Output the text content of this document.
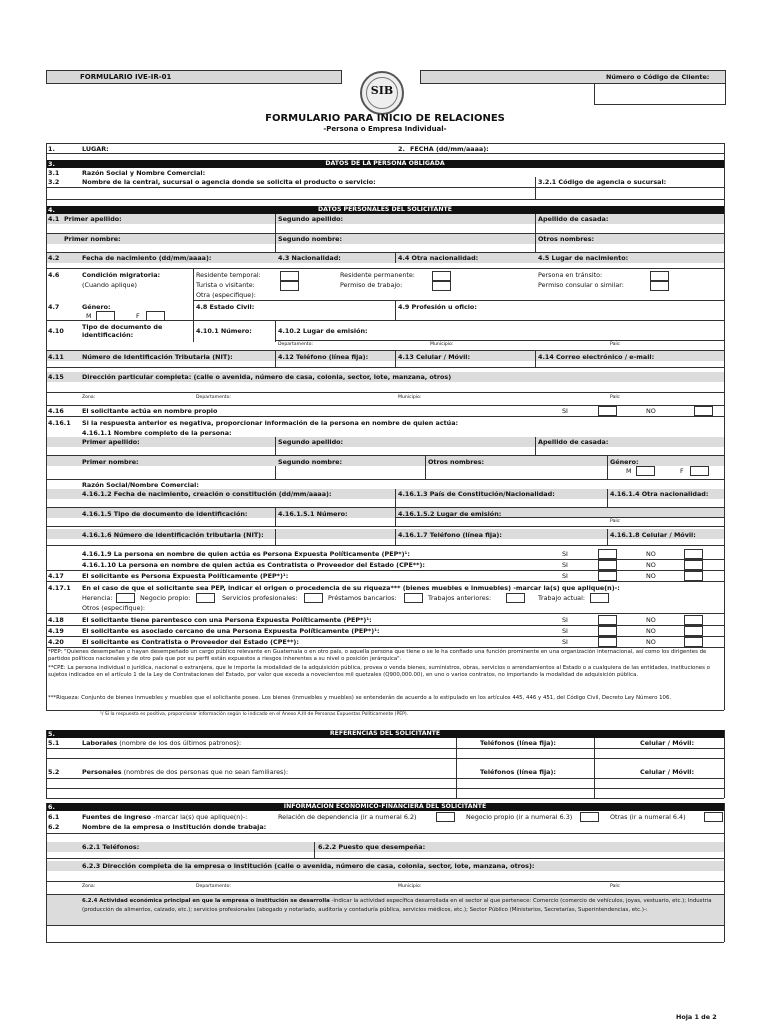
FORMULARIO IVE-IR-01
SIB
Número o Código de Cliente:
FORMULARIO PARA INICIO DE RELACIONES
-Persona o Empresa Individual-
1.	LUGAR:	2. FECHA (dd/mm/aaaa):
DATOS DE LA PERSONA OBLIGADA
3.
3.1	Razón Social y Nombre Comercial:
3.2	Nombre de la central, sucursal o agencia donde se solicita el producto o servicio:	3.2.1 Código de agencia o sucursal:
DATOS PERSONALES DEL SOLICITANTE
4.
4.1 Primer apellido:	Segundo apellido:	Apellido de casada:
Primer nombre:	Segundo nombre:	Otros nombres:
4.2	Fecha de nacimiento (dd/mm/aaaa):	4.3 Nacionalidad:	4.4 Otra nacionalidad:	4.5 Lugar de nacimiento:
4.6	Condición migratoria:
(Cuando aplique)
Residente temporal:
Turista o visitante:
Otra (especifique):
Residente permanente:
Permiso de trabajo:
Persona en tránsito:
Permiso consular o similar:
4.7	Género:
M	F
4.8 Estado Civil:	4.9 Profesión u oficio:
4.10	Tipo de documento de identificación:	4.10.1 Número:	4.10.2 Lugar de emisión:
Departamento:	Municipio:	País:
4.11	Número de Identificación Tributaria (NIT):	4.12 Teléfono (línea fija):	4.13 Celular / Móvil:	4.14 Correo electrónico / e-mail:
4.15	Dirección particular completa: (calle o avenida, número de casa, colonia, sector, lote, manzana, otros)
Zona:	Departamento:	Municipio:	País:
4.16	El solicitante actúa en nombre propio	SI	NO
4.16.1 Si la respuesta anterior es negativa, proporcionar información de la persona en nombre de quien actúa:
4.16.1.1 Nombre completo de la persona:
Primer apellido:	Segundo apellido:	Apellido de casada:
Primer nombre:	Segundo nombre:	Otros nombres:	Género:
M	F
Razón Social/Nombre Comercial:
4.16.1.2 Fecha de nacimiento, creación o constitución (dd/mm/aaaa):	4.16.1.3 País de Constitución/Nacionalidad:	4.16.1.4 Otra nacionalidad:
4.16.1.5 Tipo de documento de identificación:	4.16.1.5.1 Número:	4.16.1.5.2 Lugar de emisión:
País:
4.16.1.6 Número de identificación tributaria (NIT):	4.16.1.7 Teléfono (línea fija):	4.16.1.8 Celular / Móvil:
4.16.1.9 La persona en nombre de quien actúa es Persona Expuesta Políticamente (PEP*)¹:	SI	NO
4.16.1.10 La persona en nombre de quien actúa es Contratista o Proveedor del Estado (CPE**):	SI	NO
4.17	El solicitante es Persona Expuesta Políticamente (PEP*)¹:	SI	NO
4.17.1 En el caso de que el solicitante sea PEP, indicar el origen o procedencia de su riqueza*** (bienes muebles e inmuebles) -marcar la(s) que aplique(n)-:
Herencia:	Negocio propio:	Servicios profesionales:	Préstamos bancarios:	Trabajos anteriores:	Trabajo actual:
Otros (especifique):
4.18	El solicitante tiene parentesco con una Persona Expuesta Políticamente (PEP*)¹:	SI	NO
4.19	El solicitante es asociado cercano de una Persona Expuesta Políticamente (PEP*)¹:	SI	NO
4.20	El solicitante es Contratista o Proveedor del Estado (CPE**):	SI	NO
*PEP: "Quienes desempeñan o hayan desempeñado un cargo público relevante en Guatemala o en otro país, o aquella persona que tiene o se le ha confiado una función prominente en una organización internacional, así como los dirigentes de partidos políticos nacionales y de otro país que por su perfil están expuestos a riesgos inherentes a su nivel o posición jerárquica".
**CPE: La persona individual o jurídica, nacional o extranjera, que le importe la modalidad de la adquisición pública, provea o venda bienes, suministros, obras, servicios o arrendamientos al Estado o a cualquiera de las entidades, instituciones o sujetos indicados en el artículo 1 de la Ley de Contrataciones del Estado, por valor que exceda a novecientos mil quetzales (Q900,000.00), en uno o varios contratos, no importando la modalidad de adquisición pública.
***Riqueza: Conjunto de bienes inmuebles y muebles que el solicitante posee. Los bienes (inmuebles y muebles) se entenderán de acuerdo a lo estipulado en los artículos 445, 446 y 451, del Código Civil, Decreto Ley Número 106.
¹/ Si la respuesta es positiva, proporcionar información según lo indicado en el Anexo A.III de Personas Expuestas Políticamente (PEP).
REFERENCIAS DEL SOLICITANTE
5.
5.1	Laborales (nombre de los dos últimos patronos):	Teléfonos (línea fija):	Celular / Móvil:
5.2	Personales (nombres de dos personas que no sean familiares):	Teléfonos (línea fija):	Celular / Móvil:
INFORMACIÓN ECONÓMICO-FINANCIERA DEL SOLICITANTE
6.
6.1	Fuentes de ingreso -marcar la(s) que aplique(n)-:	Relación de dependencia (ir a numeral 6.2)	Negocio propio (ir a numeral 6.3)	Otras (ir a numeral 6.4)
6.2	Nombre de la empresa o institución donde trabaja:
6.2.1 Teléfonos:	6.2.2 Puesto que desempeña:
6.2.3 Dirección completa de la empresa o institución (calle o avenida, número de casa, colonia, sector, lote, manzana, otros):
Zona:	Departamento:	Municipio:	País:
6.2.4 Actividad económica principal en que la empresa o institución se desarrolla -Indicar la actividad específica desarrollada en el sector al que pertenece: Comercio (comercio de vehículos, joyas, vestuario, etc.); Industria (producción de alimentos, calzado, etc.); servicios profesionales (abogado y notariado, auditoría y contaduría pública, servicios médicos, etc.); Sector Público (Ministerios, Secretarías, Superintendencias, etc.)-:
Hoja 1 de 2
